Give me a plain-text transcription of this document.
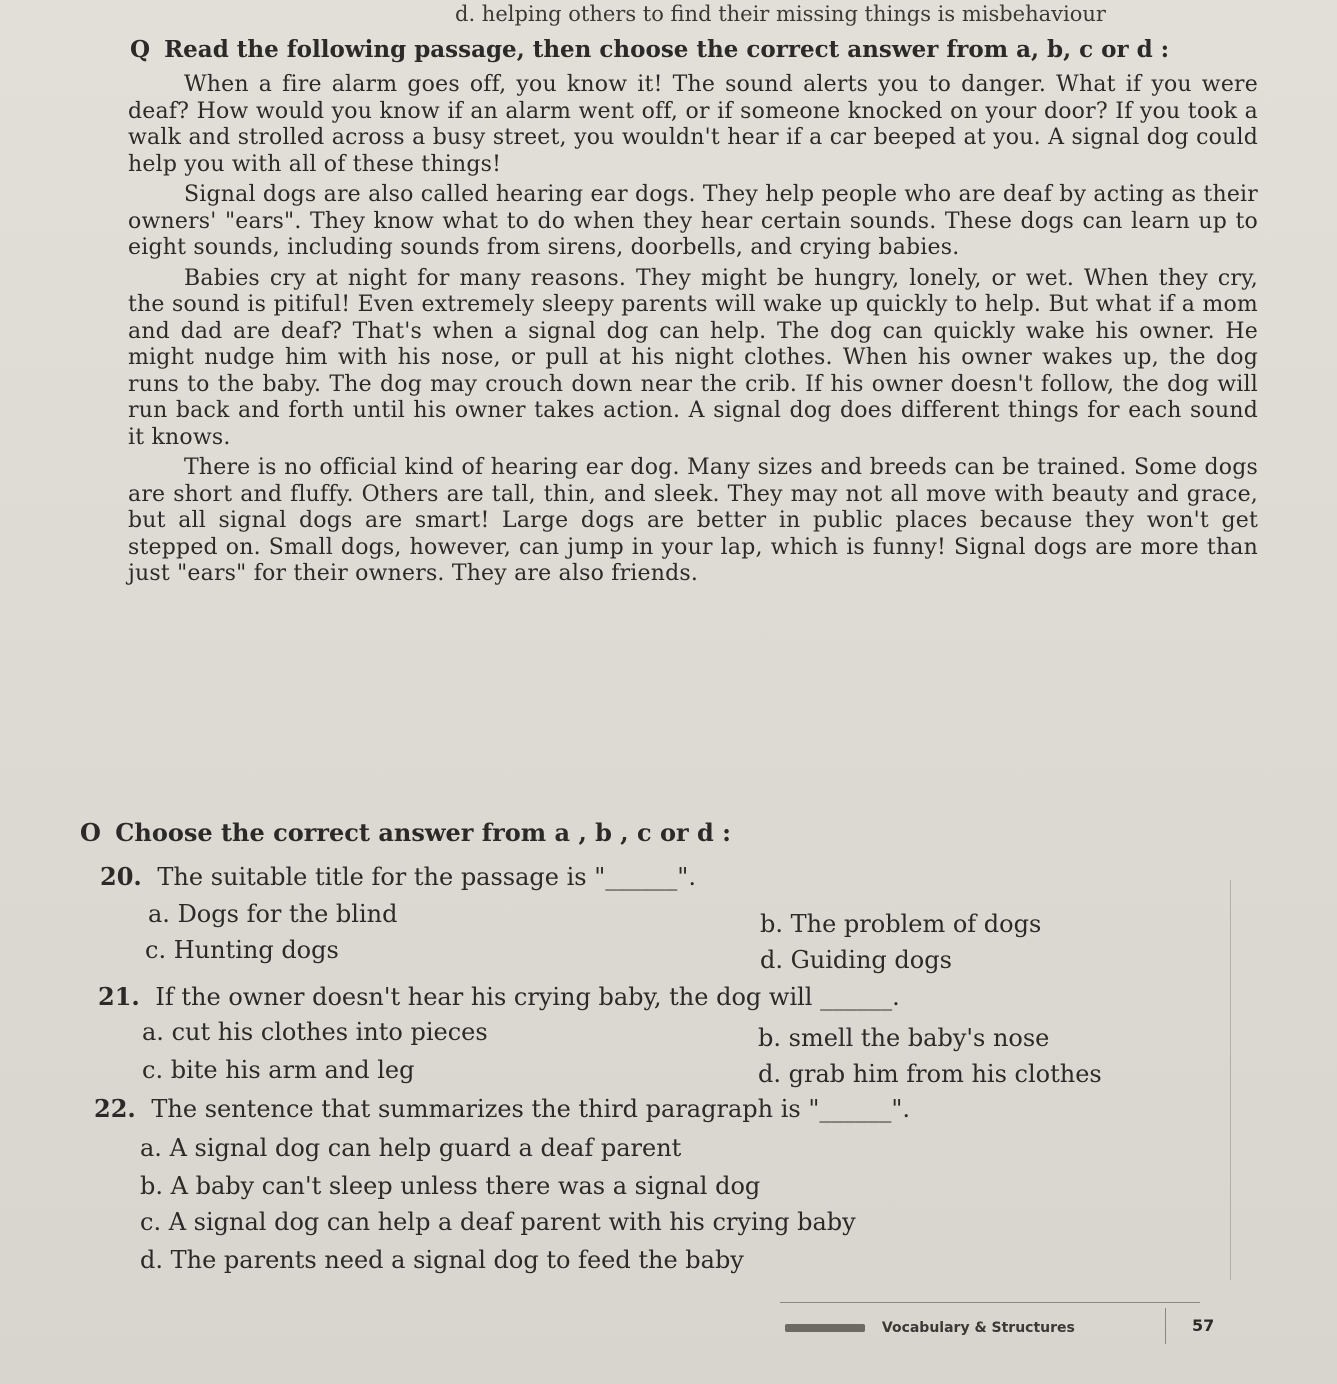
d. helping others to find their missing things is misbehaviour
Q Read the following passage, then choose the correct answer from a, b, c or d :

When a fire alarm goes off, you know it! The sound alerts you to danger. What if you were deaf? How would you know if an alarm went off, or if someone knocked on your door? If you took a walk and strolled across a busy street, you wouldn't hear if a car beeped at you. A signal dog could help you with all of these things!

Signal dogs are also called hearing ear dogs. They help people who are deaf by acting as their owners' "ears". They know what to do when they hear certain sounds. These dogs can learn up to eight sounds, including sounds from sirens, doorbells, and crying babies.

Babies cry at night for many reasons. They might be hungry, lonely, or wet. When they cry, the sound is pitiful! Even extremely sleepy parents will wake up quickly to help. But what if a mom and dad are deaf? That's when a signal dog can help. The dog can quickly wake his owner. He might nudge him with his nose, or pull at his night clothes. When his owner wakes up, the dog runs to the baby. The dog may crouch down near the crib. If his owner doesn't follow, the dog will run back and forth until his owner takes action. A signal dog does different things for each sound it knows.

There is no official kind of hearing ear dog. Many sizes and breeds can be trained. Some dogs are short and fluffy. Others are tall, thin, and sleek. They may not all move with beauty and grace, but all signal dogs are smart! Large dogs are better in public places because they won't get stepped on. Small dogs, however, can jump in your lap, which is funny! Signal dogs are more than just "ears" for their owners. They are also friends.

O Choose the correct answer from a , b , c or d :
20. The suitable title for the passage is "______".
a. Dogs for the blind	b. The problem of dogs
c. Hunting dogs	d. Guiding dogs
21. If the owner doesn't hear his crying baby, the dog will ______.
a. cut his clothes into pieces	b. smell the baby's nose
c. bite his arm and leg	d. grab him from his clothes
22. The sentence that summarizes the third paragraph is "______".
a. A signal dog can help guard a deaf parent
b. A baby can't sleep unless there was a signal dog
c. A signal dog can help a deaf parent with his crying baby
d. The parents need a signal dog to feed the baby
Vocabulary & Structures	57
